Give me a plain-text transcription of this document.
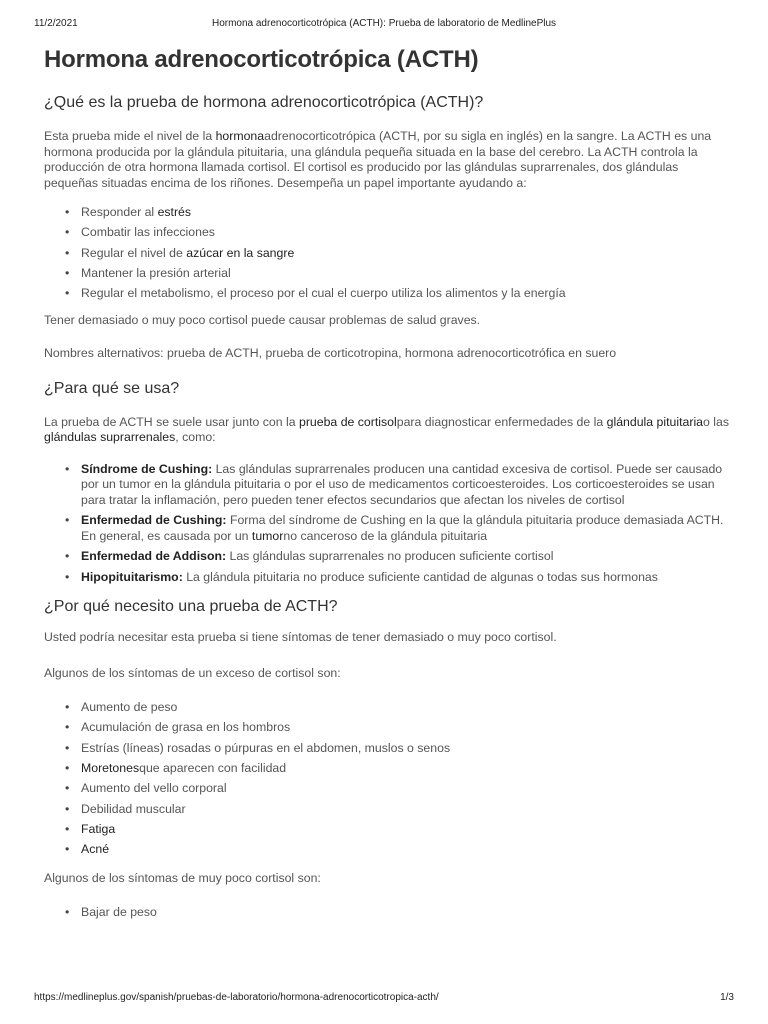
11/2/2021	Hormona adrenocorticotrópica (ACTH): Prueba de laboratorio de MedlinePlus
Hormona adrenocorticotrópica (ACTH)
¿Qué es la prueba de hormona adrenocorticotrópica (ACTH)?

Esta prueba mide el nivel de la hormonaadrenocorticotrópica (ACTH, por su sigla en inglés) en la sangre. La ACTH es una hormona producida por la glándula pituitaria, una glándula pequeña situada en la base del cerebro. La ACTH controla la producción de otra hormona llamada cortisol. El cortisol es producido por las glándulas suprarrenales, dos glándulas pequeñas situadas encima de los riñones. Desempeña un papel importante ayudando a:

• Responder al estrés
• Combatir las infecciones
• Regular el nivel de azúcar en la sangre
• Mantener la presión arterial
• Regular el metabolismo, el proceso por el cual el cuerpo utiliza los alimentos y la energía

Tener demasiado o muy poco cortisol puede causar problemas de salud graves.

Nombres alternativos: prueba de ACTH, prueba de corticotropina, hormona adrenocorticotrófica en suero

¿Para qué se usa?

La prueba de ACTH se suele usar junto con la prueba de cortisolpara diagnosticar enfermedades de la glándula pituitariao las glándulas suprarrenales, como:

• Síndrome de Cushing: Las glándulas suprarrenales producen una cantidad excesiva de cortisol. Puede ser causado por un tumor en la glándula pituitaria o por el uso de medicamentos corticoesteroides. Los corticoesteroides se usan para tratar la inflamación, pero pueden tener efectos secundarios que afectan los niveles de cortisol
• Enfermedad de Cushing: Forma del síndrome de Cushing en la que la glándula pituitaria produce demasiada ACTH. En general, es causada por un tumorno canceroso de la glándula pituitaria
• Enfermedad de Addison: Las glándulas suprarrenales no producen suficiente cortisol
• Hipopituitarismo: La glándula pituitaria no produce suficiente cantidad de algunas o todas sus hormonas
¿Por qué necesito una prueba de ACTH?

Usted podría necesitar esta prueba si tiene síntomas de tener demasiado o muy poco cortisol.

Algunos de los síntomas de un exceso de cortisol son:

• Aumento de peso
• Acumulación de grasa en los hombros
• Estrías (líneas) rosadas o púrpuras en el abdomen, muslos o senos
• Moretonesque aparecen con facilidad
• Aumento del vello corporal
• Debilidad muscular
• Fatiga
• Acné

Algunos de los síntomas de muy poco cortisol son:

• Bajar de peso
https://medlineplus.gov/spanish/pruebas-de-laboratorio/hormona-adrenocorticotropica-acth/	1/3
